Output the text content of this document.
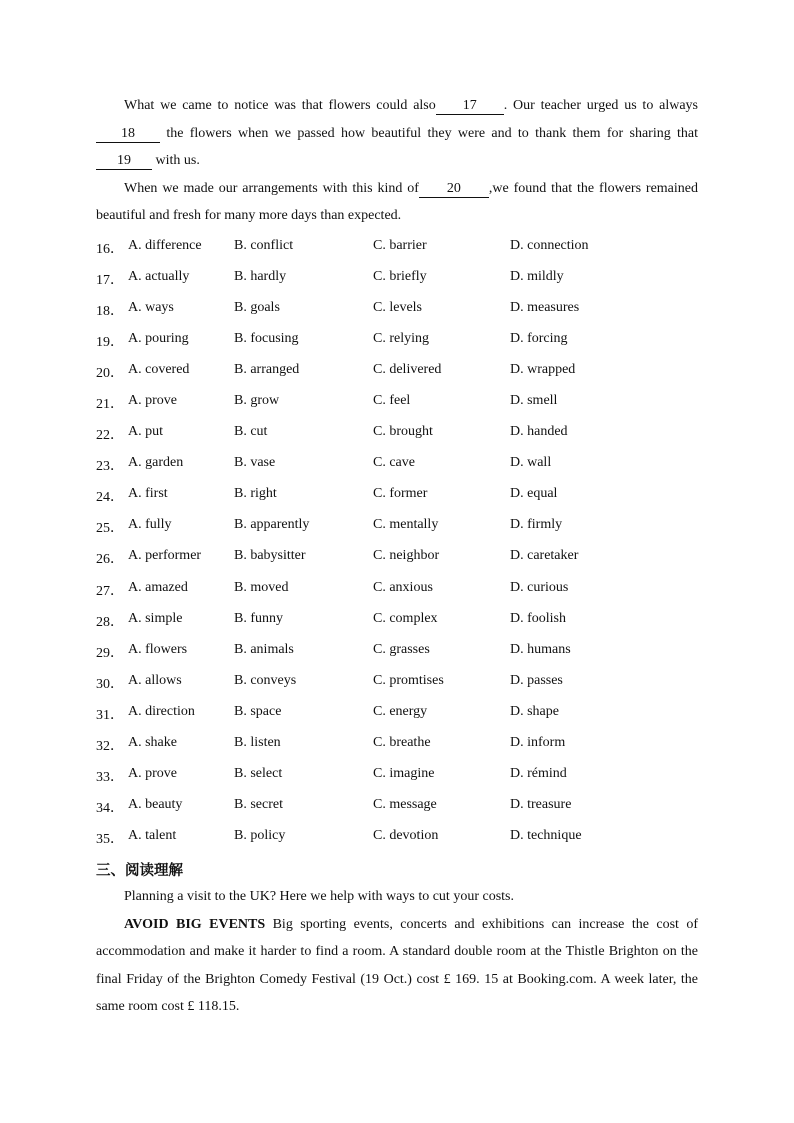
What we came to notice was that flowers could also 17 . Our teacher urged us to always 18 the flowers when we passed how beautiful they were and to thank them for sharing that19 with us.

When we made our arrangements with this kind of 20 ,we found that the flowers remained beautiful and fresh for many more days than expected.

16． A. difference B. conflict	C. barrier	D. connection
17． A. actually	B. hardly	C. briefly	D. mildly
18． A. ways	B. goals	C. levels	D. measures
19． A. pouring	B. focusing	C. relying	D. forcing
20． A. covered	B. arranged	C. delivered	D. wrapped
21． A. prove	B. grow	C. feel	D. smell
22． A. put	B. cut	C. brought	D. handed
23． A. garden	B. vase	C. cave	D. wall
24． A. first	B. right	C. former	D. equal
25． A. fully	B. apparently	C. mentally	D. firmly
26． A. performer B. babysitter	C. neighbor	D. caretaker
27． A. amazed	B. moved	C. anxious	D. curious
28． A. simple	B. funny	C. complex	D. foolish
29． A. flowers	B. animals	C. grasses	D. humans
30． A. allows	B. conveys	C. promtises	D. passes
31． A. direction	B. space	C. energy	D. shape
32． A. shake	B. listen	C. breathe	D. inform
33． A. prove	B. select	C. imagine	D. rémind
34． A. beauty	B. secret	C. message	D. treasure
35． A. talent	B. policy	C. devotion	D. technique
三、阅读理解

Planning a visit to the UK? Here we help with ways to cut your costs.

AVOID BIG EVENTS Big sporting events, concerts and exhibitions can increase the cost of accommodation and make it harder to find a room. A standard double room at the Thistle Brighton on the final Friday of the Brighton Comedy Festival (19 Oct.) cost £ 169. 15 at Booking.com. A week later, the same room cost £ 118.15.
